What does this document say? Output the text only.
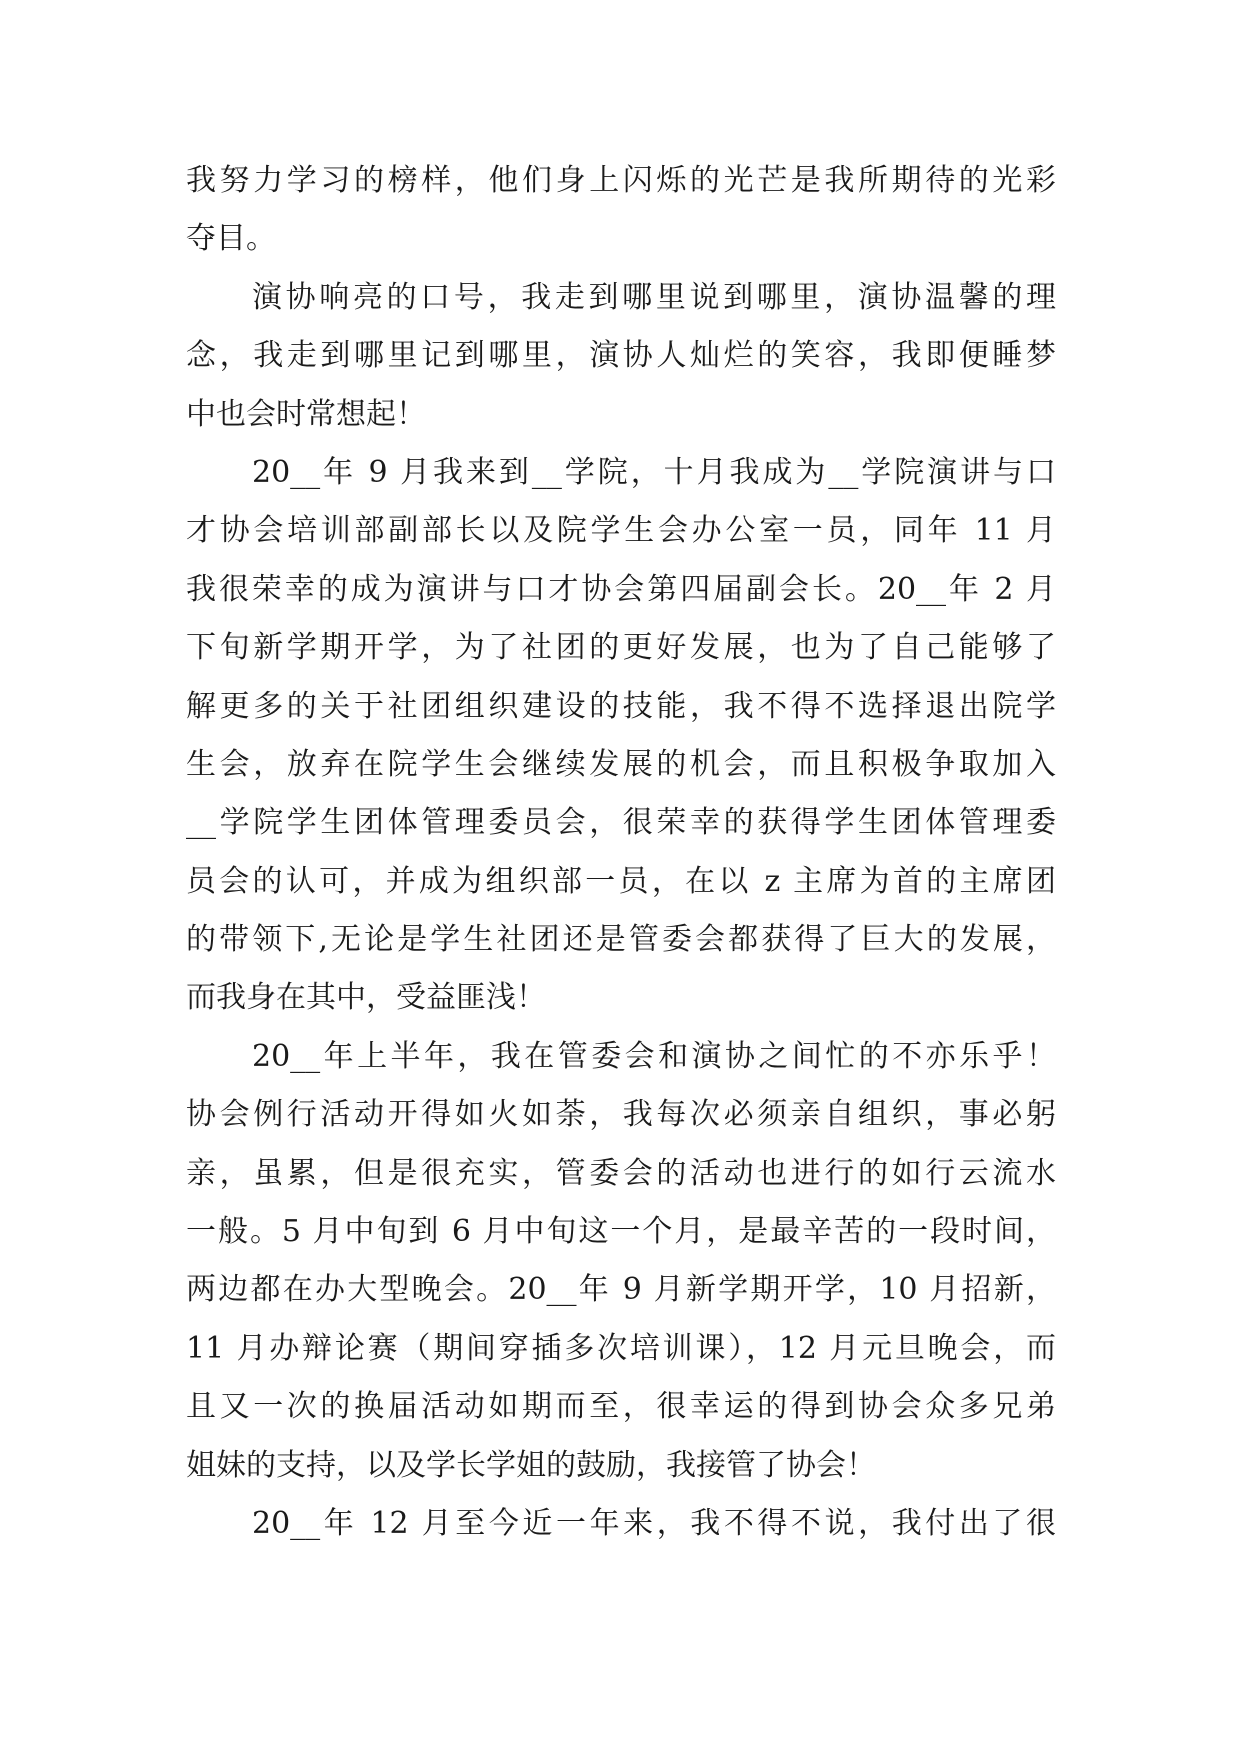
我努力学习的榜样，他们身上闪烁的光芒是我所期待的光彩
夺目。
演协响亮的口号，我走到哪里说到哪里，演协温馨的理
念，我走到哪里记到哪里，演协人灿烂的笑容，我即便睡梦
中也会时常想起！
20__年 9 月我来到__学院，十月我成为__学院演讲与口
才协会培训部副部长以及院学生会办公室一员，同年 11 月
我很荣幸的成为演讲与口才协会第四届副会长。20__年 2 月
下旬新学期开学，为了社团的更好发展，也为了自己能够了
解更多的关于社团组织建设的技能，我不得不选择退出院学
生会，放弃在院学生会继续发展的机会，而且积极争取加入
__学院学生团体管理委员会，很荣幸的获得学生团体管理委
员会的认可，并成为组织部一员，在以 z 主席为首的主席团
的带领下,无论是学生社团还是管委会都获得了巨大的发展，
而我身在其中，受益匪浅！
20__年上半年，我在管委会和演协之间忙的不亦乐乎！
协会例行活动开得如火如荼，我每次必须亲自组织，事必躬
亲，虽累，但是很充实，管委会的活动也进行的如行云流水
一般。5 月中旬到 6 月中旬这一个月，是最辛苦的一段时间，
两边都在办大型晚会。20__年 9 月新学期开学，10 月招新，
11 月办辩论赛（期间穿插多次培训课），12 月元旦晚会，而
且又一次的换届活动如期而至，很幸运的得到协会众多兄弟
姐妹的支持，以及学长学姐的鼓励，我接管了协会！
20__年 12 月至今近一年来，我不得不说，我付出了很
